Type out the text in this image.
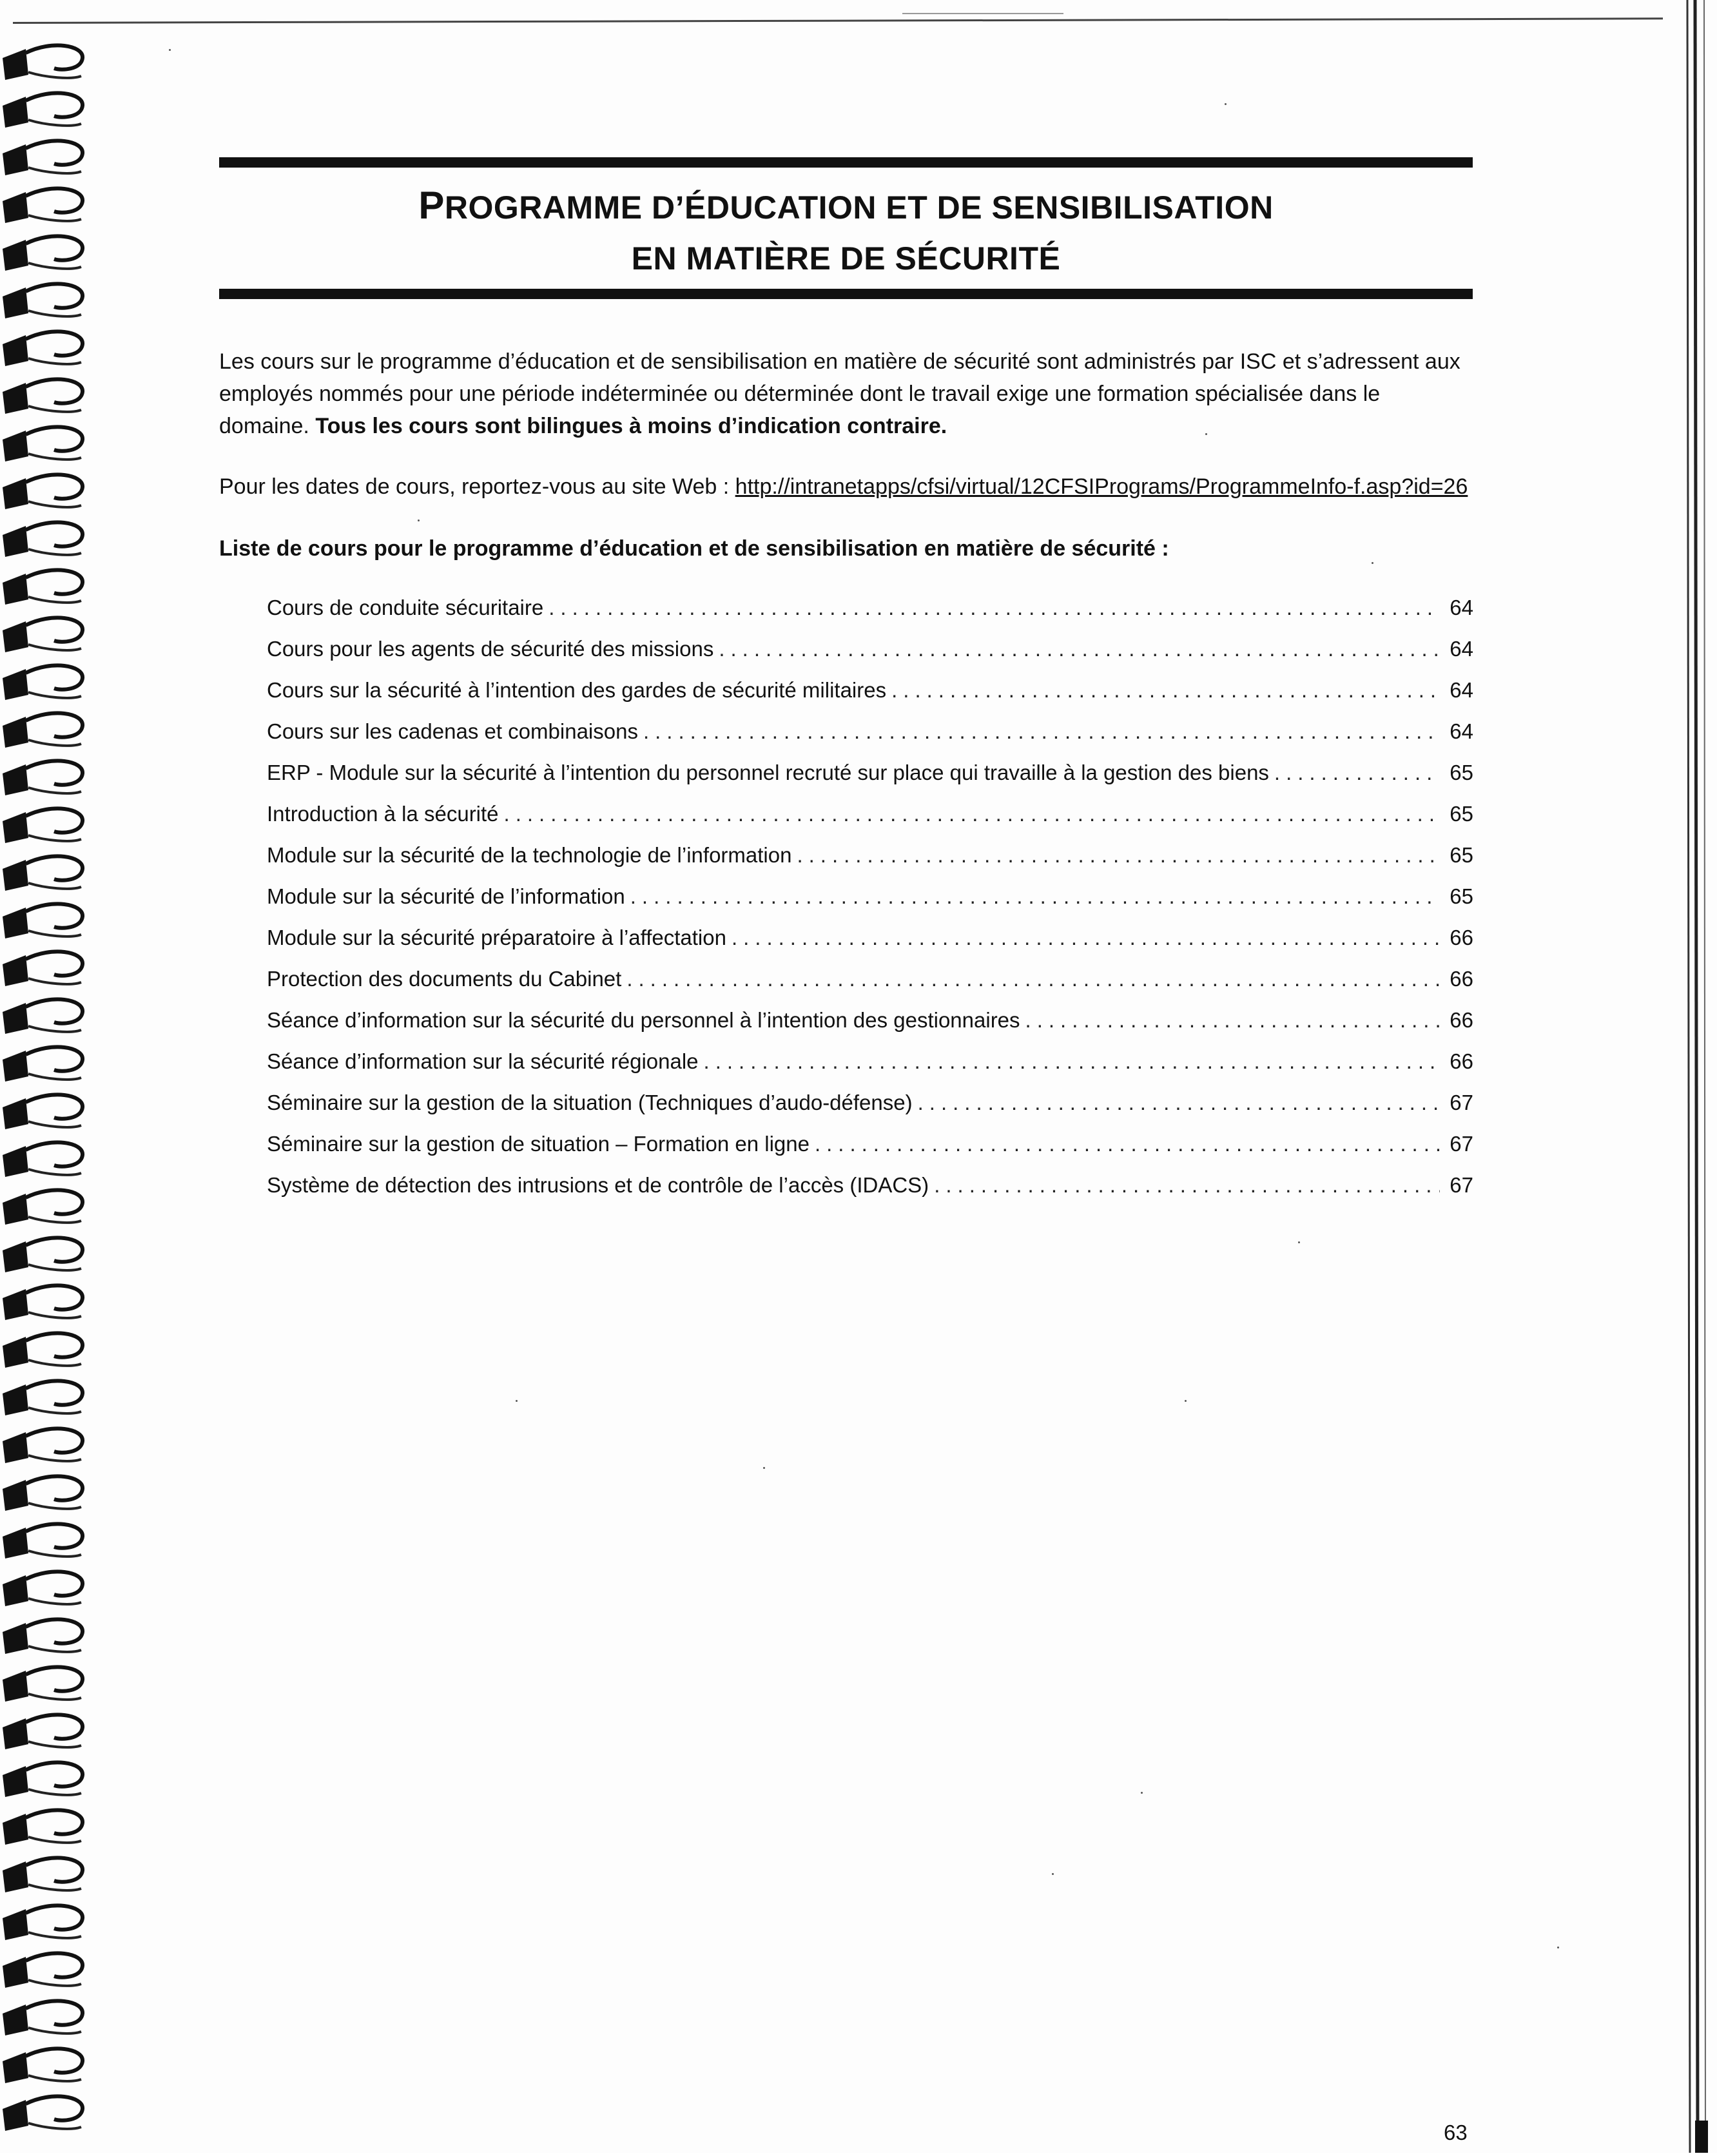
PROGRAMME D’ÉDUCATION ET DE SENSIBILISATION
EN MATIÈRE DE SÉCURITÉ
Les cours sur le programme d’éducation et de sensibilisation en matière de sécurité sont administrés par ISC et s’adressent aux employés nommés pour une période indéterminée ou déterminée dont le travail exige une formation spécialisée dans le domaine. Tous les cours sont bilingues à moins d’indication contraire.
Pour les dates de cours, reportez-vous au site Web : http://intranetapps/cfsi/virtual/12CFSIPrograms/ProgrammeInfo-f.asp?id=26
Liste de cours pour le programme d’éducation et de sensibilisation en matière de sécurité :
Cours de conduite sécuritaire .....	64
Cours pour les agents de sécurité des missions .....	64
Cours sur la sécurité à l’intention des gardes de sécurité militaires .....	64
Cours sur les cadenas et combinaisons .....	64
ERP - Module sur la sécurité à l’intention du personnel recruté sur place qui travaille à la gestion des biens .....	65
Introduction à la sécurité .....	65
Module sur la sécurité de la technologie de l’information .....	65
Module sur la sécurité de l’information .....	65
Module sur la sécurité préparatoire à l’affectation .....	66
Protection des documents du Cabinet .....	66
Séance d’information sur la sécurité du personnel à l’intention des gestionnaires .....	66
Séance d’information sur la sécurité régionale .....	66
Séminaire sur la gestion de la situation (Techniques d’audo-défense) .....	67
Séminaire sur la gestion de situation – Formation en ligne .....	67
Système de détection des intrusions et de contrôle de l’accès (IDACS) .....	67
63
